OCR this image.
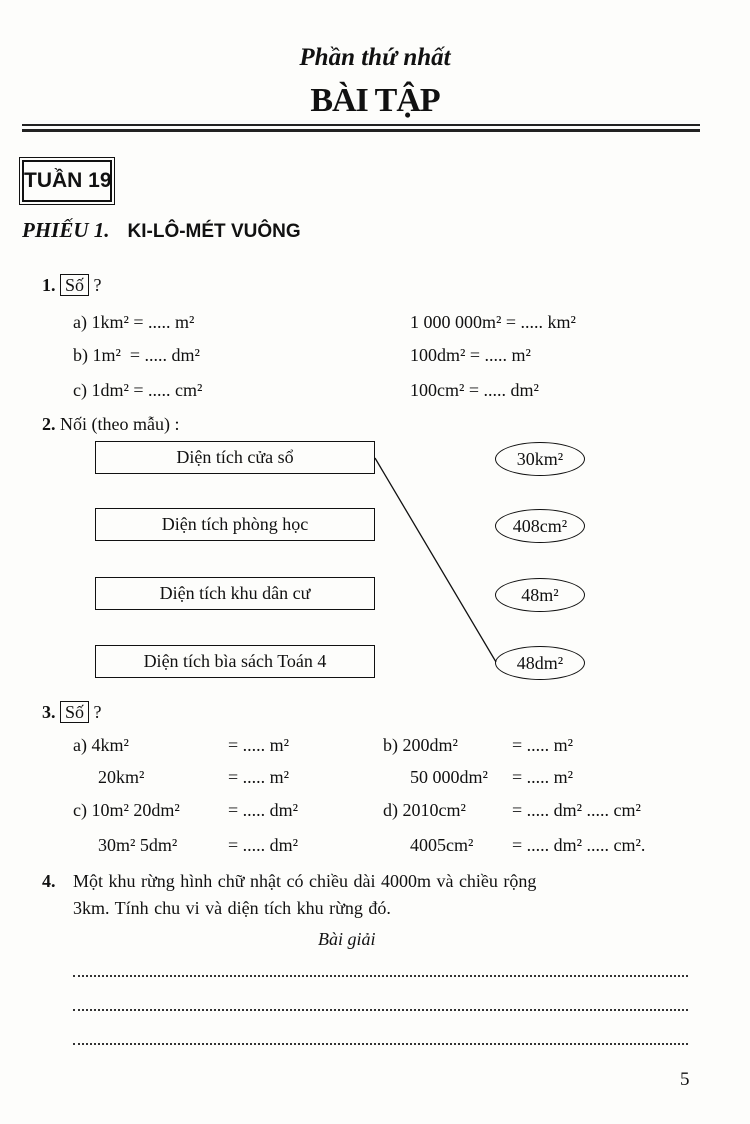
Phần thứ nhất
BÀI TẬP
TUẦN 19
PHIẾU 1. KI-LÔ-MÉT VUÔNG
1. Số ?
a) 1km² = ..... m²
b) 1m²  = ..... dm²
c) 1dm² = ..... cm²
1 000 000m² = ..... km²
100dm² = ..... m²
100cm² = ..... dm²
2. Nối (theo mẫu) :
Diện tích cửa sổ
Diện tích phòng học
Diện tích khu dân cư
Diện tích bìa sách Toán 4
30km²
408cm²
48m²
48dm²
3. Số ?
a) 4km²
20km²
c) 10m² 20dm²
30m² 5dm²
= ..... m²
= ..... m²
= ..... dm²
= ..... dm²
b) 200dm²
50 000dm²
d) 2010cm²
4005cm²
= ..... m²
= ..... m²
= ..... dm² ..... cm²
= ..... dm² ..... cm².
4. Một khu rừng hình chữ nhật có chiều dài 4000m và chiều rộng
3km. Tính chu vi và diện tích khu rừng đó.
Bài giải
5
